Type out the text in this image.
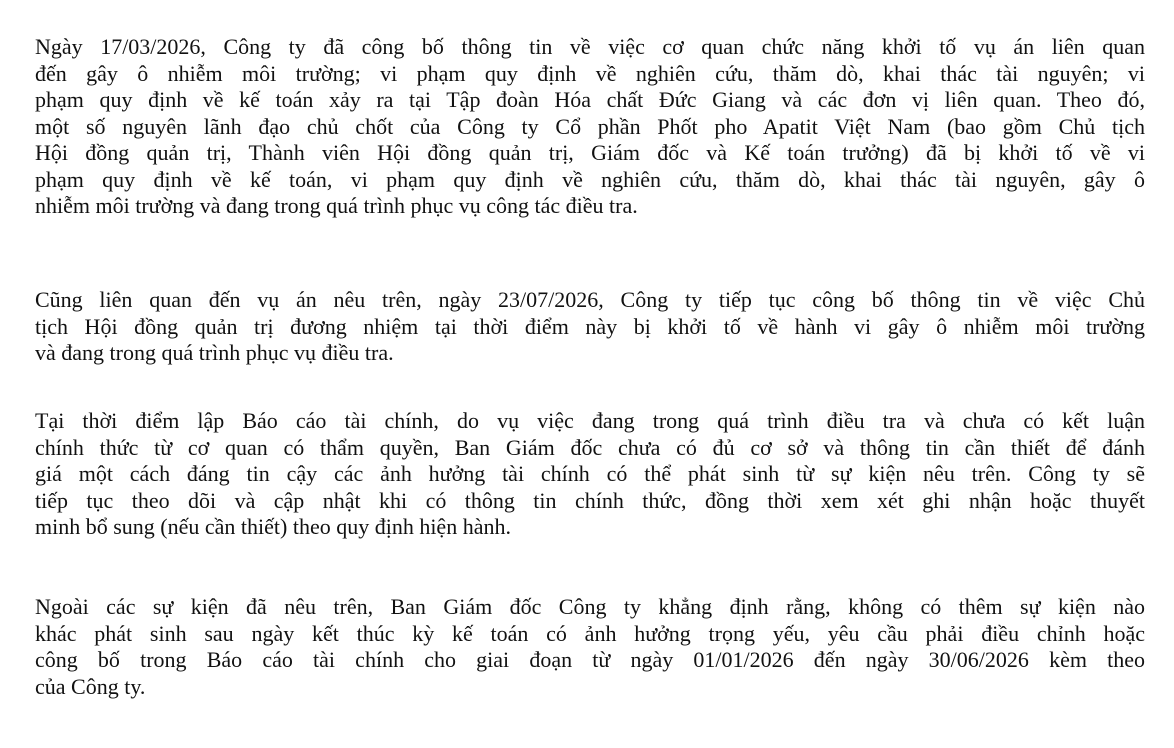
Ngày 17/03/2026, Công ty đã công bố thông tin về việc cơ quan chức năng khởi tố vụ án liên quan
đến gây ô nhiễm môi trường; vi phạm quy định về nghiên cứu, thăm dò, khai thác tài nguyên; vi
phạm quy định về kế toán xảy ra tại Tập đoàn Hóa chất Đức Giang và các đơn vị liên quan. Theo đó,
một số nguyên lãnh đạo chủ chốt của Công ty Cổ phần Phốt pho Apatit Việt Nam (bao gồm Chủ tịch
Hội đồng quản trị, Thành viên Hội đồng quản trị, Giám đốc và Kế toán trưởng) đã bị khởi tố về vi
phạm quy định về kế toán, vi phạm quy định về nghiên cứu, thăm dò, khai thác tài nguyên, gây ô
nhiễm môi trường và đang trong quá trình phục vụ công tác điều tra.

Cũng liên quan đến vụ án nêu trên, ngày 23/07/2026, Công ty tiếp tục công bố thông tin về việc Chủ
tịch Hội đồng quản trị đương nhiệm tại thời điểm này bị khởi tố về hành vi gây ô nhiễm môi trường
và đang trong quá trình phục vụ điều tra.

Tại thời điểm lập Báo cáo tài chính, do vụ việc đang trong quá trình điều tra và chưa có kết luận
chính thức từ cơ quan có thẩm quyền, Ban Giám đốc chưa có đủ cơ sở và thông tin cần thiết để đánh
giá một cách đáng tin cậy các ảnh hưởng tài chính có thể phát sinh từ sự kiện nêu trên. Công ty sẽ
tiếp tục theo dõi và cập nhật khi có thông tin chính thức, đồng thời xem xét ghi nhận hoặc thuyết
minh bổ sung (nếu cần thiết) theo quy định hiện hành.

Ngoài các sự kiện đã nêu trên, Ban Giám đốc Công ty khẳng định rằng, không có thêm sự kiện nào
khác phát sinh sau ngày kết thúc kỳ kế toán có ảnh hưởng trọng yếu, yêu cầu phải điều chỉnh hoặc
công bố trong Báo cáo tài chính cho giai đoạn từ ngày 01/01/2026 đến ngày 30/06/2026 kèm theo
của Công ty.
